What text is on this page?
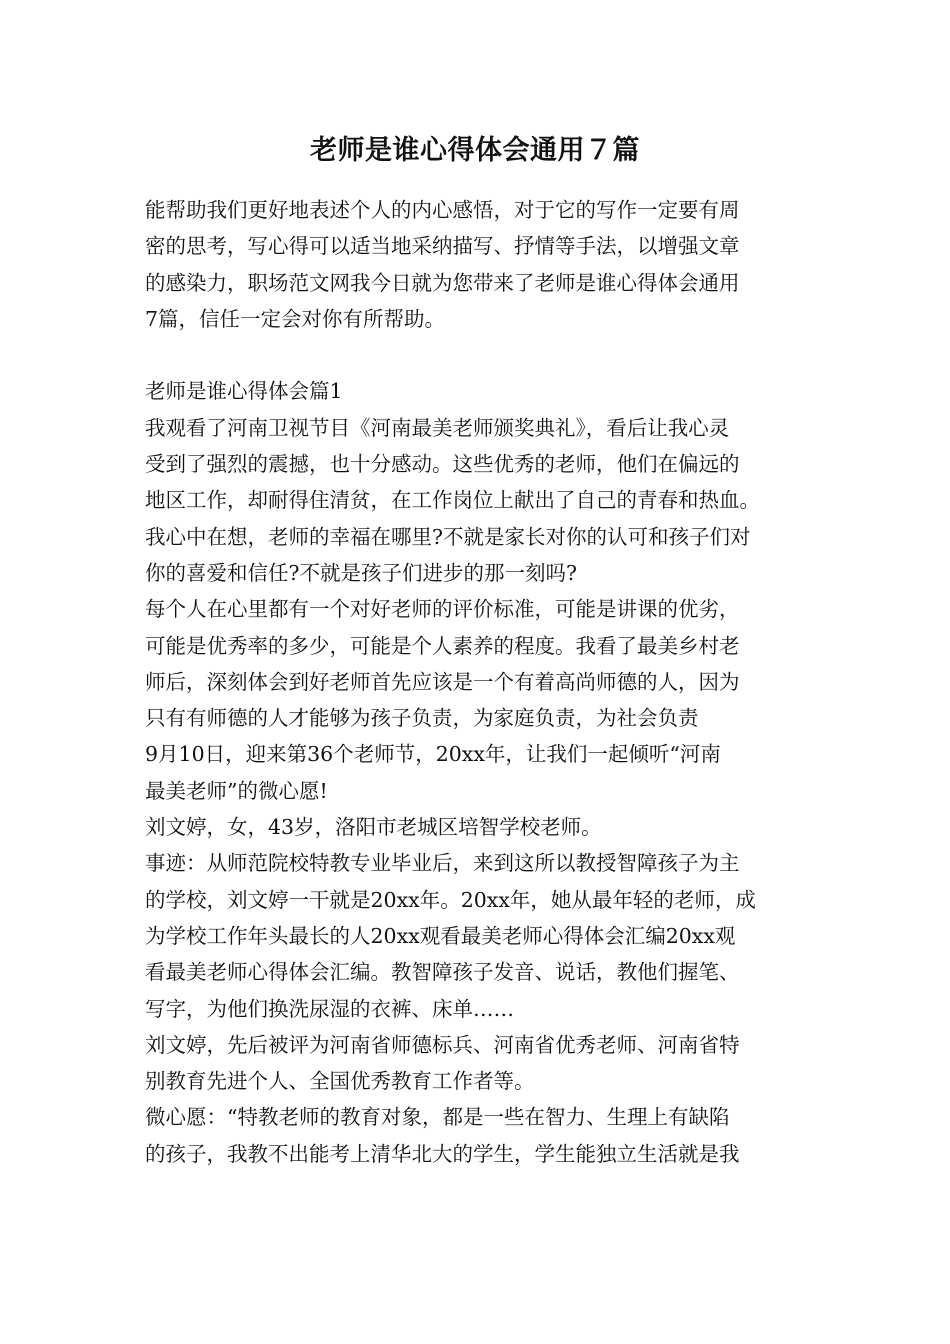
老师是谁心得体会通用７篇

能帮助我们更好地表述个人的内心感悟，对于它的写作一定要有周

密的思考，写心得可以适当地采纳描写、抒情等手法，以增强文章

的感染力，职场范文网我今日就为您带来了老师是谁心得体会通用

7篇，信任一定会对你有所帮助。

老师是谁心得体会篇1

我观看了河南卫视节目《河南最美老师颁奖典礼》，看后让我心灵

受到了强烈的震撼，也十分感动。这些优秀的老师，他们在偏远的

地区工作，却耐得住清贫，在工作岗位上献出了自己的青春和热血。

我心中在想，老师的幸福在哪里?不就是家长对你的认可和孩子们对

你的喜爱和信任?不就是孩子们进步的那一刻吗?

每个人在心里都有一个对好老师的评价标准，可能是讲课的优劣，

可能是优秀率的多少，可能是个人素养的程度。我看了最美乡村老

师后，深刻体会到好老师首先应该是一个有着高尚师德的人，因为

只有有师德的人才能够为孩子负责，为家庭负责，为社会负责

9月10日，迎来第36个老师节，20xx年，让我们一起倾听“河南

最美老师”的微心愿!

刘文婷，女，43岁，洛阳市老城区培智学校老师。

事迹：从师范院校特教专业毕业后，来到这所以教授智障孩子为主

的学校，刘文婷一干就是20xx年。20xx年，她从最年轻的老师，成

为学校工作年头最长的人20xx观看最美老师心得体会汇编20xx观

看最美老师心得体会汇编。教智障孩子发音、说话，教他们握笔、

写字，为他们换洗尿湿的衣裤、床单……

刘文婷，先后被评为河南省师德标兵、河南省优秀老师、河南省特

别教育先进个人、全国优秀教育工作者等。

微心愿：“特教老师的教育对象，都是一些在智力、生理上有缺陷

的孩子，我教不出能考上清华北大的学生，学生能独立生活就是我
